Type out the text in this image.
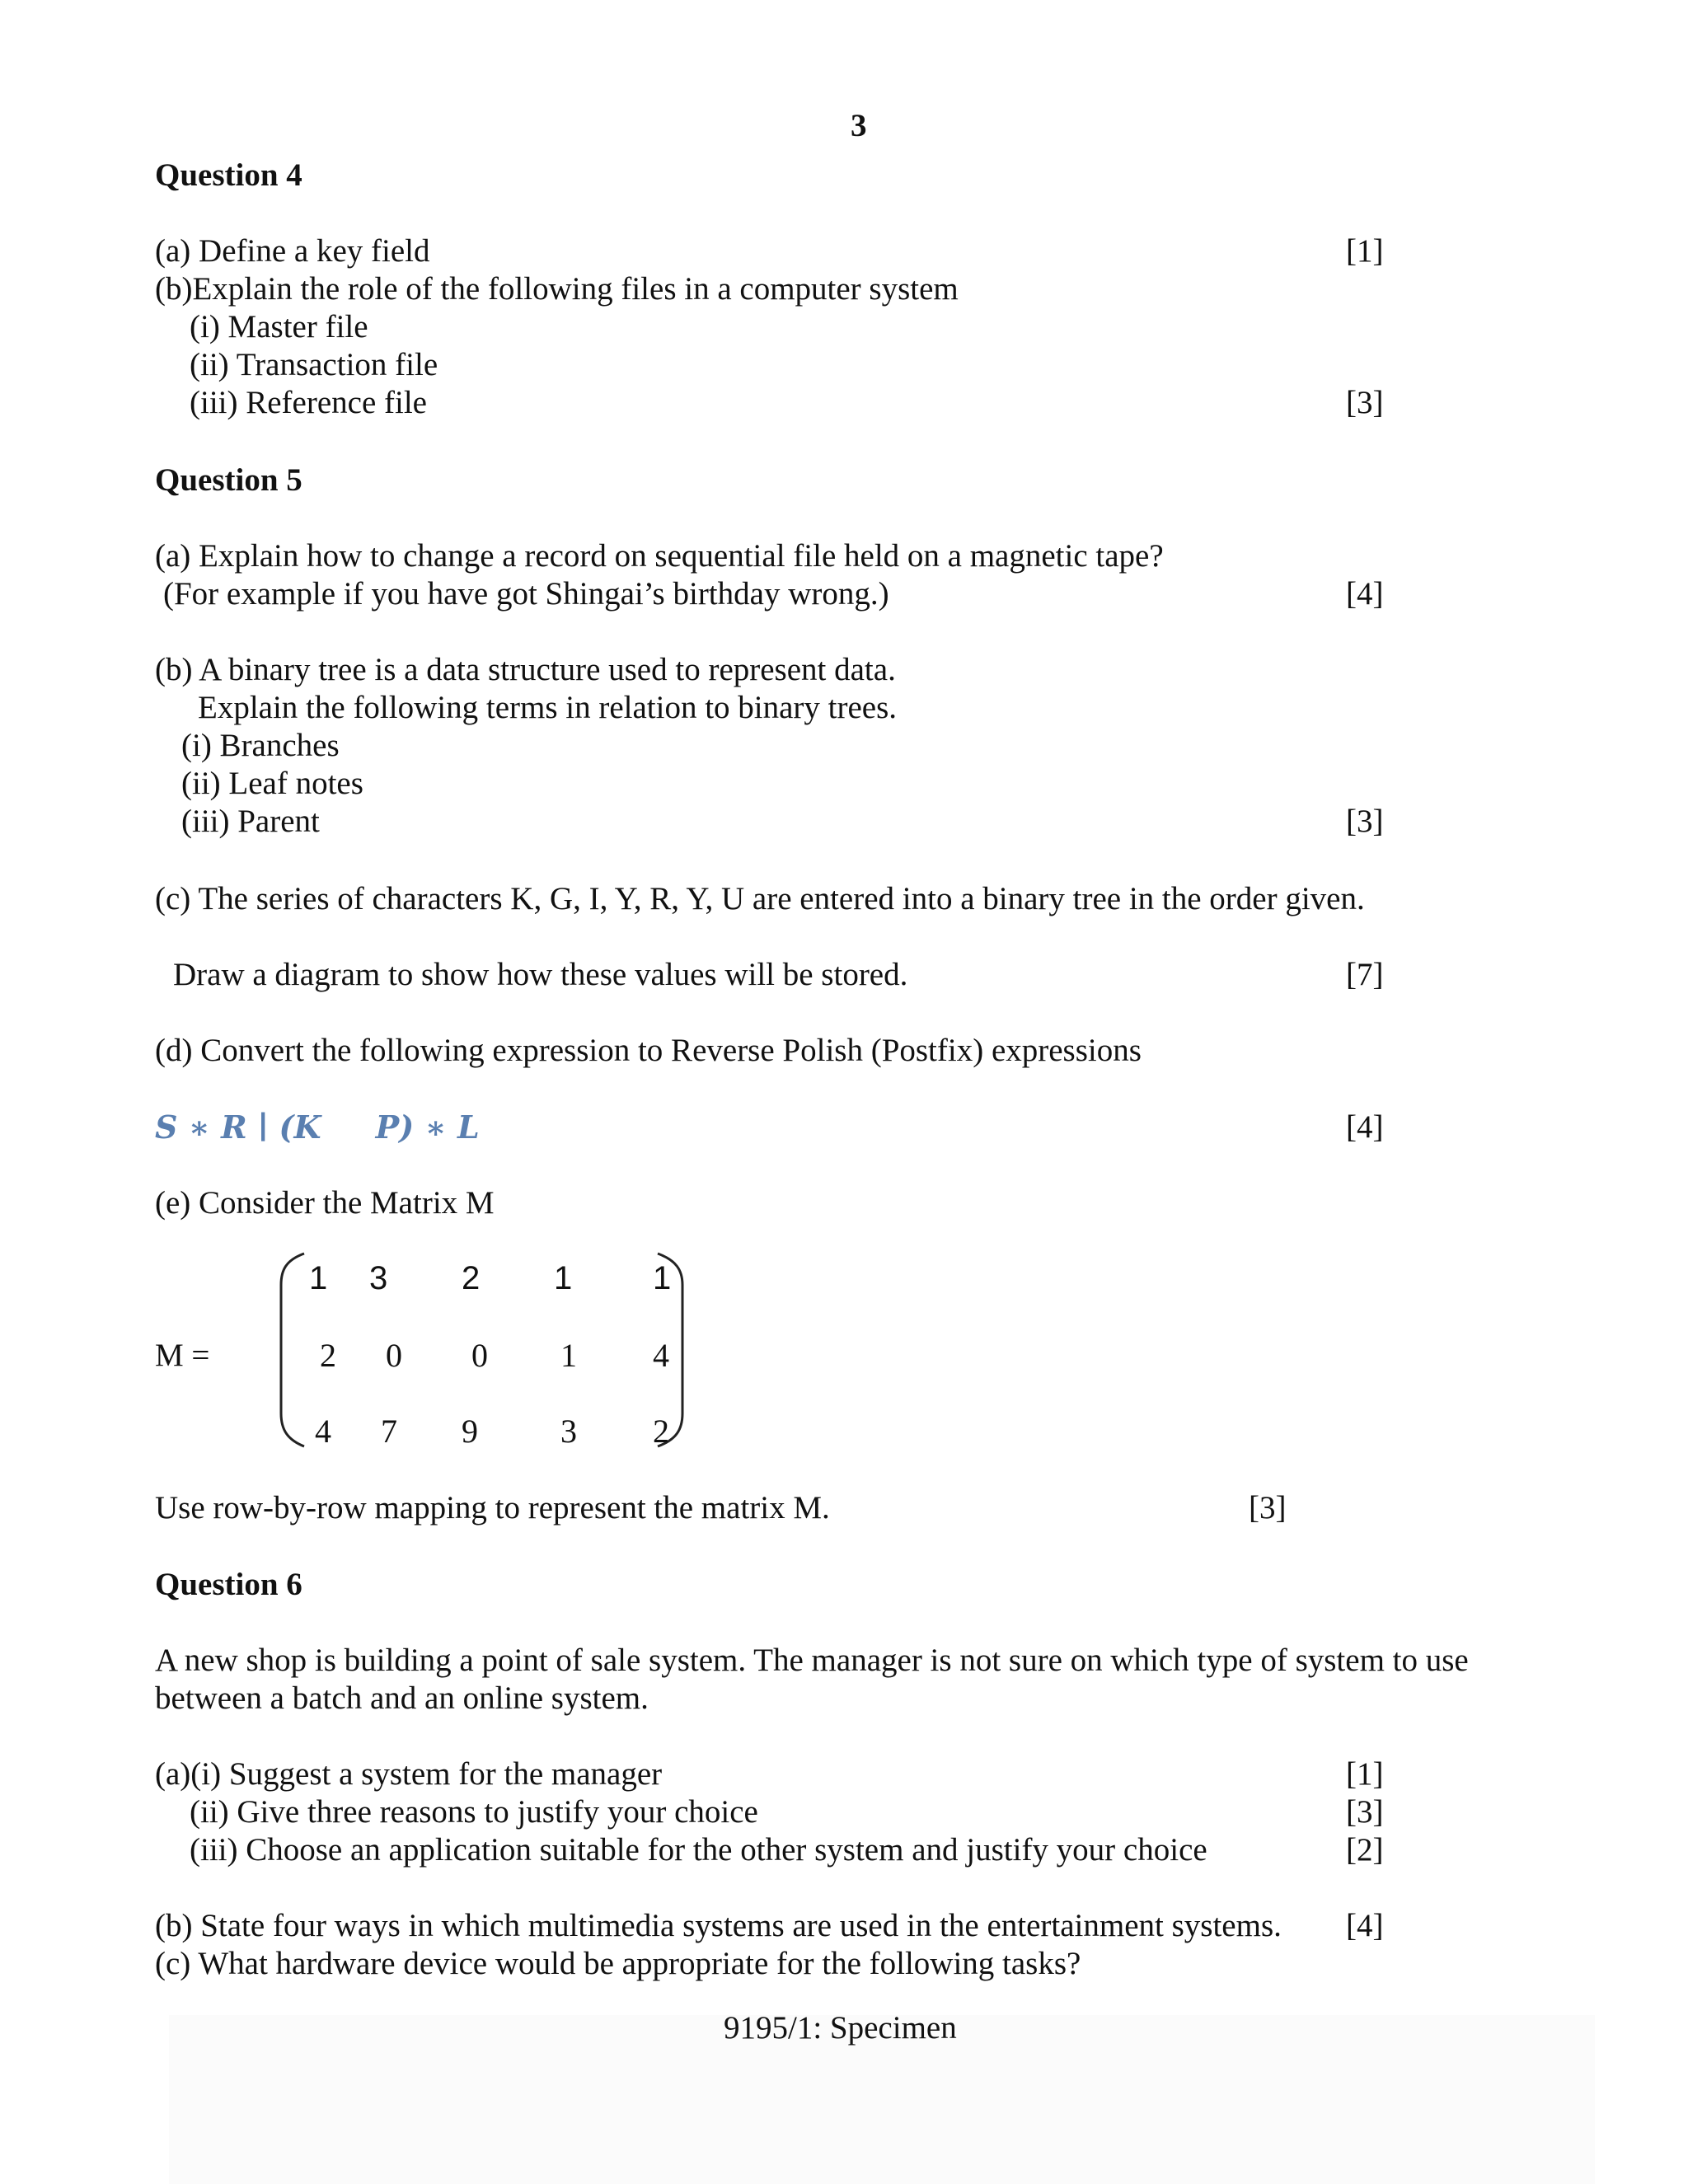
3
Question 4
(a) Define a key field	[1]
(b)Explain the role of the following files in a computer system
(i) Master file
(ii) Transaction file
(iii) Reference file	[3]
Question 5
(a) Explain how to change a record on sequential file held on a magnetic tape?
(For example if you have got Shingai’s birthday wrong.)	[4]
(b) A binary tree is a data structure used to represent data.
Explain the following terms in relation to binary trees.
(i) Branches
(ii) Leaf notes
(iii) Parent	[3]
(c) The series of characters K, G, I, Y, R, Y, U are entered into a binary tree in the order given.
Draw a diagram to show how these values will be stored.	[7]
(d) Convert the following expression to Reverse Polish (Postfix) expressions
S ∗ R ∣ (K     P) ∗ L	[4]
(e) Consider the Matrix M
M =
1 3 2 1 1
2 0 0 1 4
4 7 9	3 2
Use row-by-row mapping to represent the matrix M.	[3]
Question 6
A new shop is building a point of sale system. The manager is not sure on which type of system to use
between a batch and an online system.
(a)(i) Suggest a system for the manager	[1]
(ii) Give three reasons to justify your choice	[3]
(iii) Choose an application suitable for the other system and justify your choice	[2]
(b) State four ways in which multimedia systems are used in the entertainment systems. [4]
(c) What hardware device would be appropriate for the following tasks?
9195/1: Specimen
